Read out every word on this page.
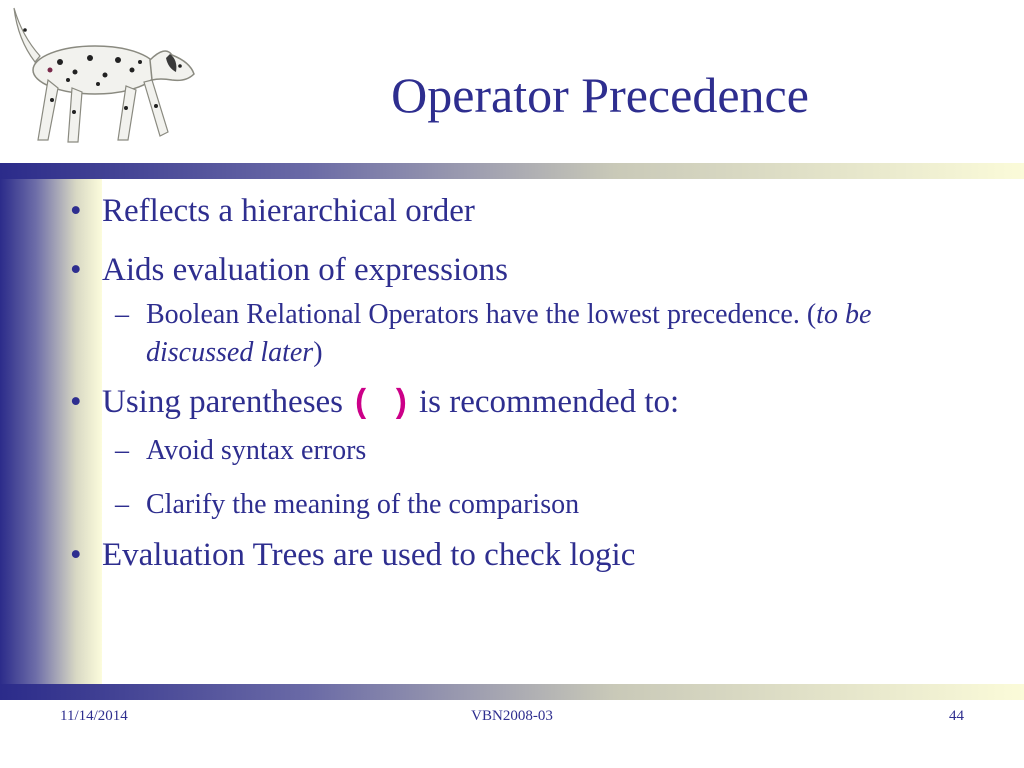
Operator Precedence
• Reflects a hierarchical order
• Aids evaluation of expressions
– Boolean Relational Operators have the lowest precedence. (to be discussed later)
• Using parentheses ( ) is recommended to:
– Avoid syntax errors
– Clarify the meaning of the comparison
• Evaluation Trees are used to check logic
11/14/2014	VBN2008-03	44
